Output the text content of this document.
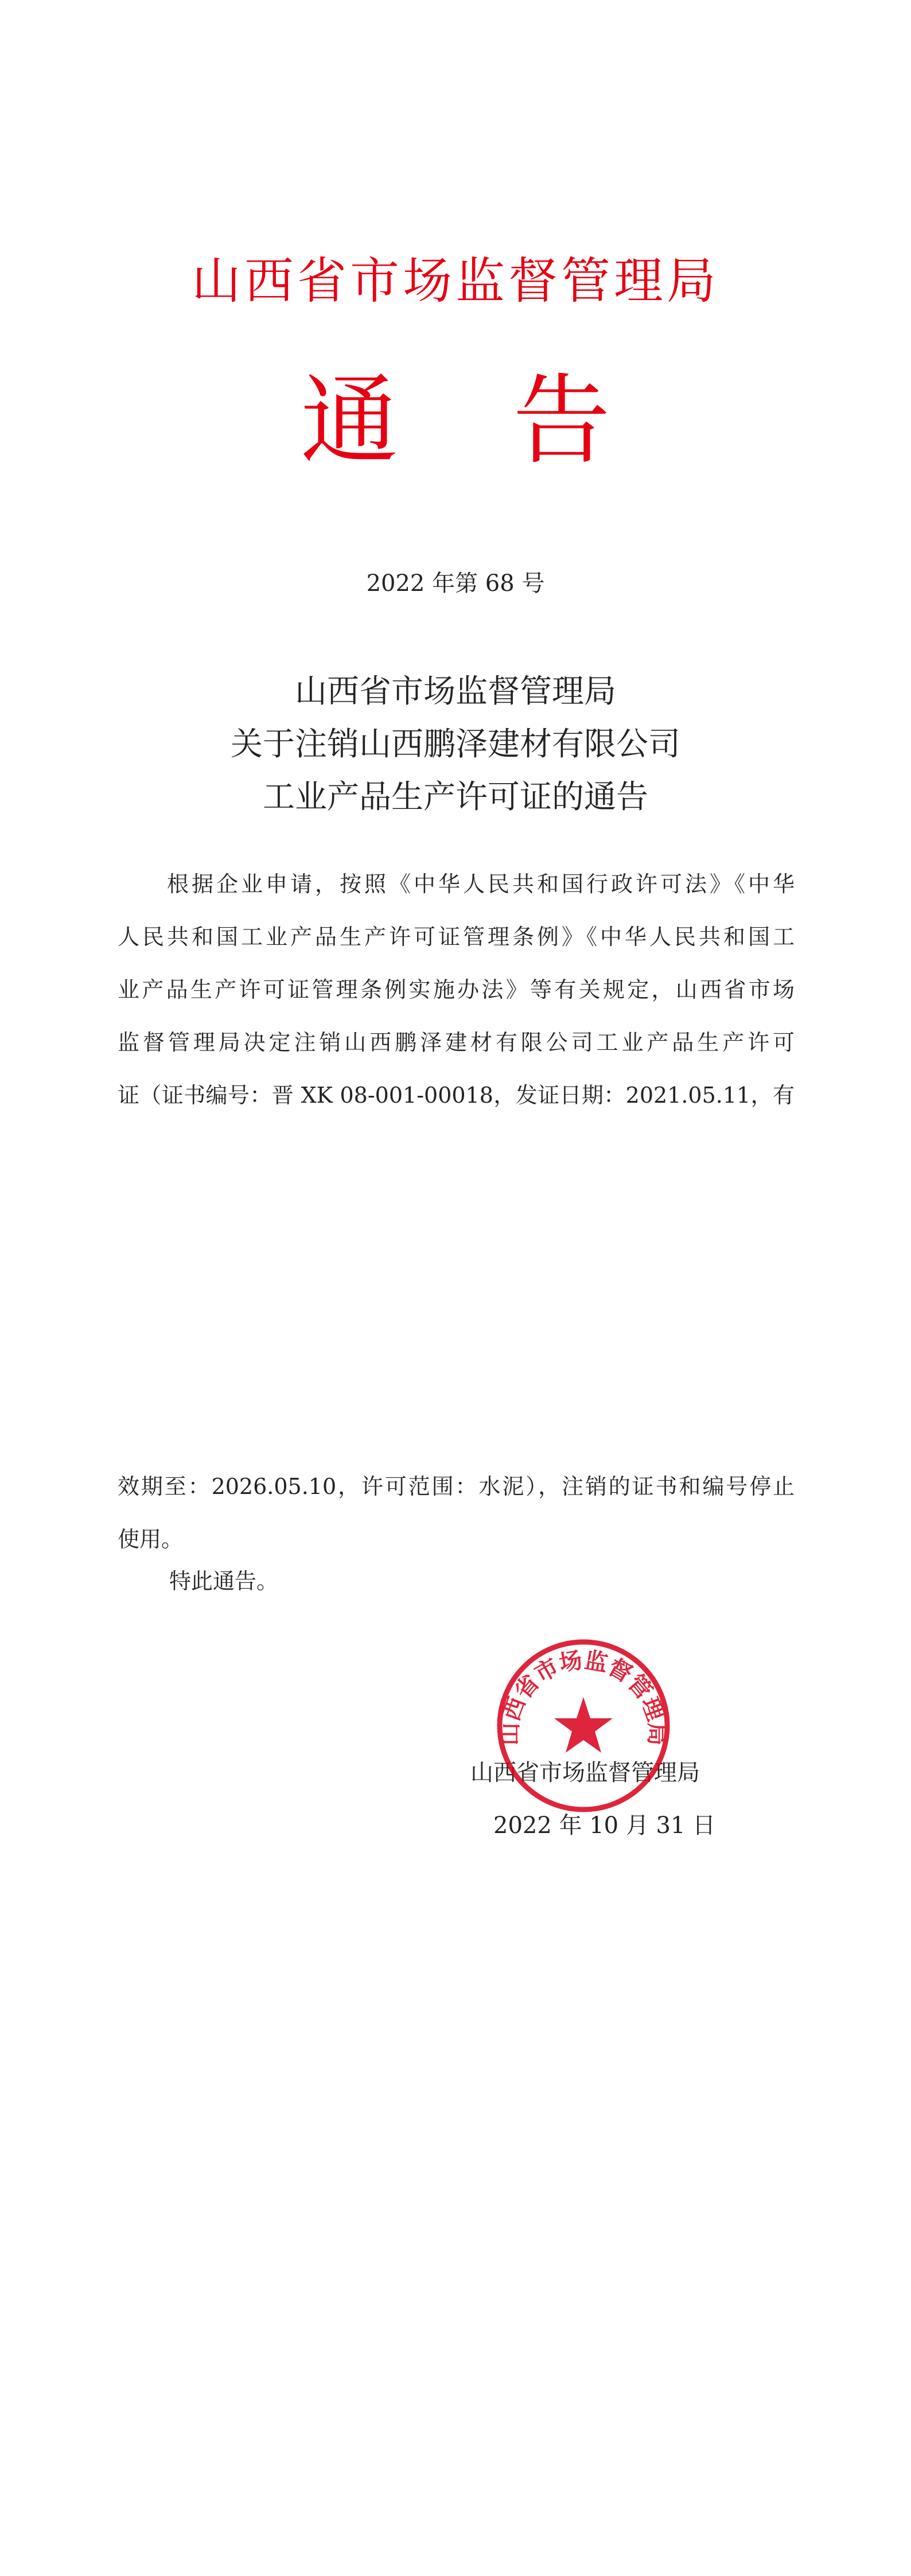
山西省市场监督管理局
通 告
2022 年第 68 号
山西省市场监督管理局
关于注销山西鹏泽建材有限公司
工业产品生产许可证的通告
　　根据企业申请，按照《中华人民共和国行政许可法》《中华
人民共和国工业产品生产许可证管理条例》《中华人民共和国工
业产品生产许可证管理条例实施办法》等有关规定，山西省市场
监督管理局决定注销山西鹏泽建材有限公司工业产品生产许可
证（证书编号：晋 XK 08-001-00018，发证日期：2021.05.11，有
效期至：2026.05.10，许可范围：水泥），注销的证书和编号停止
使用。
特此通告。
山西省市场监督管理局
2022 年 10 月 31 日
山西省市场监督管理局
